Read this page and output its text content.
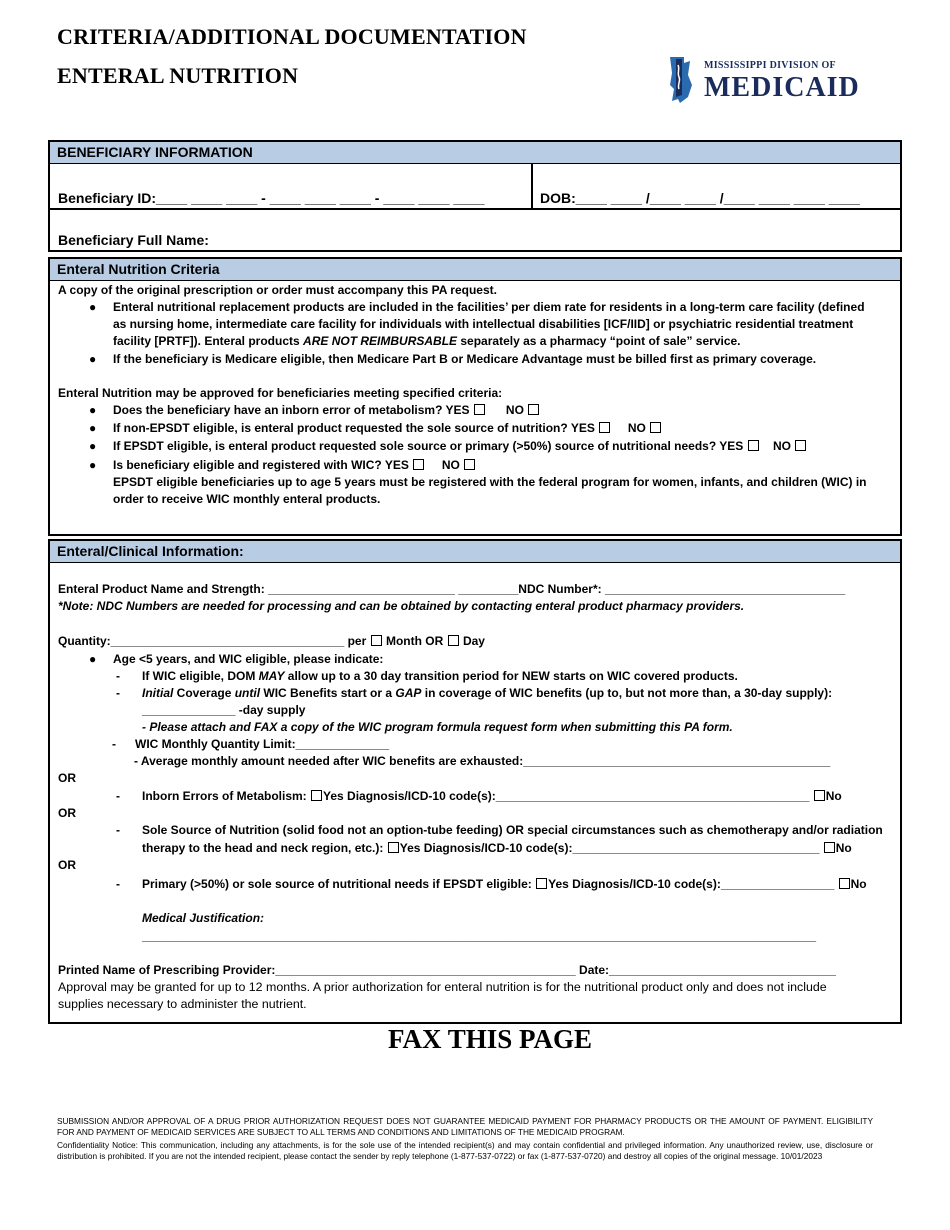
CRITERIA/ADDITIONAL DOCUMENTATION
ENTERAL NUTRITION	MISSISSIPPI DIVISION OF
MEDICAID
BENEFICIARY INFORMATION
Beneficiary ID:____ ____ ____ - ____ ____ ____ - ____ ____ ____	DOB:____ ____ /____ ____ /____ ____ ____ ____
Beneficiary Full Name:
Enteral Nutrition Criteria
A copy of the original prescription or order must accompany this PA request.
● Enteral nutritional replacement products are included in the facilities’ per diem rate for residents in a long-term care facility (defined
as nursing home, intermediate care facility for individuals with intellectual disabilities [ICF/IID] or psychiatric residential treatment
facility [PRTF]). Enteral products ARE NOT REIMBURSABLE separately as a pharmacy “point of sale” service.
● If the beneficiary is Medicare eligible, then Medicare Part B or Medicare Advantage must be billed first as primary coverage.
Enteral Nutrition may be approved for beneficiaries meeting specified criteria:
● Does the beneficiary have an inborn error of metabolism? YES	NO
● If non-EPSDT eligible, is enteral product requested the sole source of nutrition? YES	NO
● If EPSDT eligible, is enteral product requested sole source or primary (>50%) source of nutritional needs? YES NO
● Is beneficiary eligible and registered with WIC? YES	NO
EPSDT eligible beneficiaries up to age 5 years must be registered with the federal program for women, infants, and children (WIC) in
order to receive WIC monthly enteral products.
Enteral/Clinical Information:
Enteral Product Name and Strength: ____________________________ _________NDC Number*: ____________________________________
*Note: NDC Numbers are needed for processing and can be obtained by contacting enteral product pharmacy providers.
Quantity:___________________________________ per Month OR Day
● Age <5 years, and WIC eligible, please indicate:
- If WIC eligible, DOM MAY allow up to a 30 day transition period for NEW starts on WIC covered products.
- Initial Coverage until WIC Benefits start or a GAP in coverage of WIC benefits (up to, but not more than, a 30-day supply):
______________ -day supply
- Please attach and FAX a copy of the WIC program formula request form when submitting this PA form.
- WIC Monthly Quantity Limit:______________
- Average monthly amount needed after WIC benefits are exhausted:______________________________________________
OR
- Inborn Errors of Metabolism: Yes Diagnosis/ICD-10 code(s):_______________________________________________ No
OR
- Sole Source of Nutrition (solid food not an option-tube feeding) OR special circumstances such as chemotherapy and/or radiation
therapy to the head and neck region, etc.): Yes Diagnosis/ICD-10 code(s):_____________________________________ No
OR
- Primary (>50%) or sole source of nutritional needs if EPSDT eligible: Yes Diagnosis/ICD-10 code(s):_________________ No
Medical Justification:
_____________________________________________________________________________________________________
Printed Name of Prescribing Provider:_____________________________________________ Date:__________________________________
Approval may be granted for up to 12 months. A prior authorization for enteral nutrition is for the nutritional product only and does not include
supplies necessary to administer the nutrient.
FAX THIS PAGE
SUBMISSION AND/OR APPROVAL OF A DRUG PRIOR AUTHORIZATION REQUEST DOES NOT GUARANTEE MEDICAID PAYMENT FOR PHARMACY PRODUCTS OR THE AMOUNT OF PAYMENT. ELIGIBILITY FOR AND PAYMENT OF MEDICAID SERVICES ARE SUBJECT TO ALL TERMS AND CONDITIONS AND LIMITATIONS OF THE MEDICAID PROGRAM.
Confidentiality Notice: This communication, including any attachments, is for the sole use of the intended recipient(s) and may contain confidential and privileged information. Any unauthorized review, use, disclosure or distribution is prohibited. If you are not the intended recipient, please contact the sender by reply telephone (1-877-537-0722) or fax (1-877-537-0720) and destroy all copies of the original message. 10/01/2023
